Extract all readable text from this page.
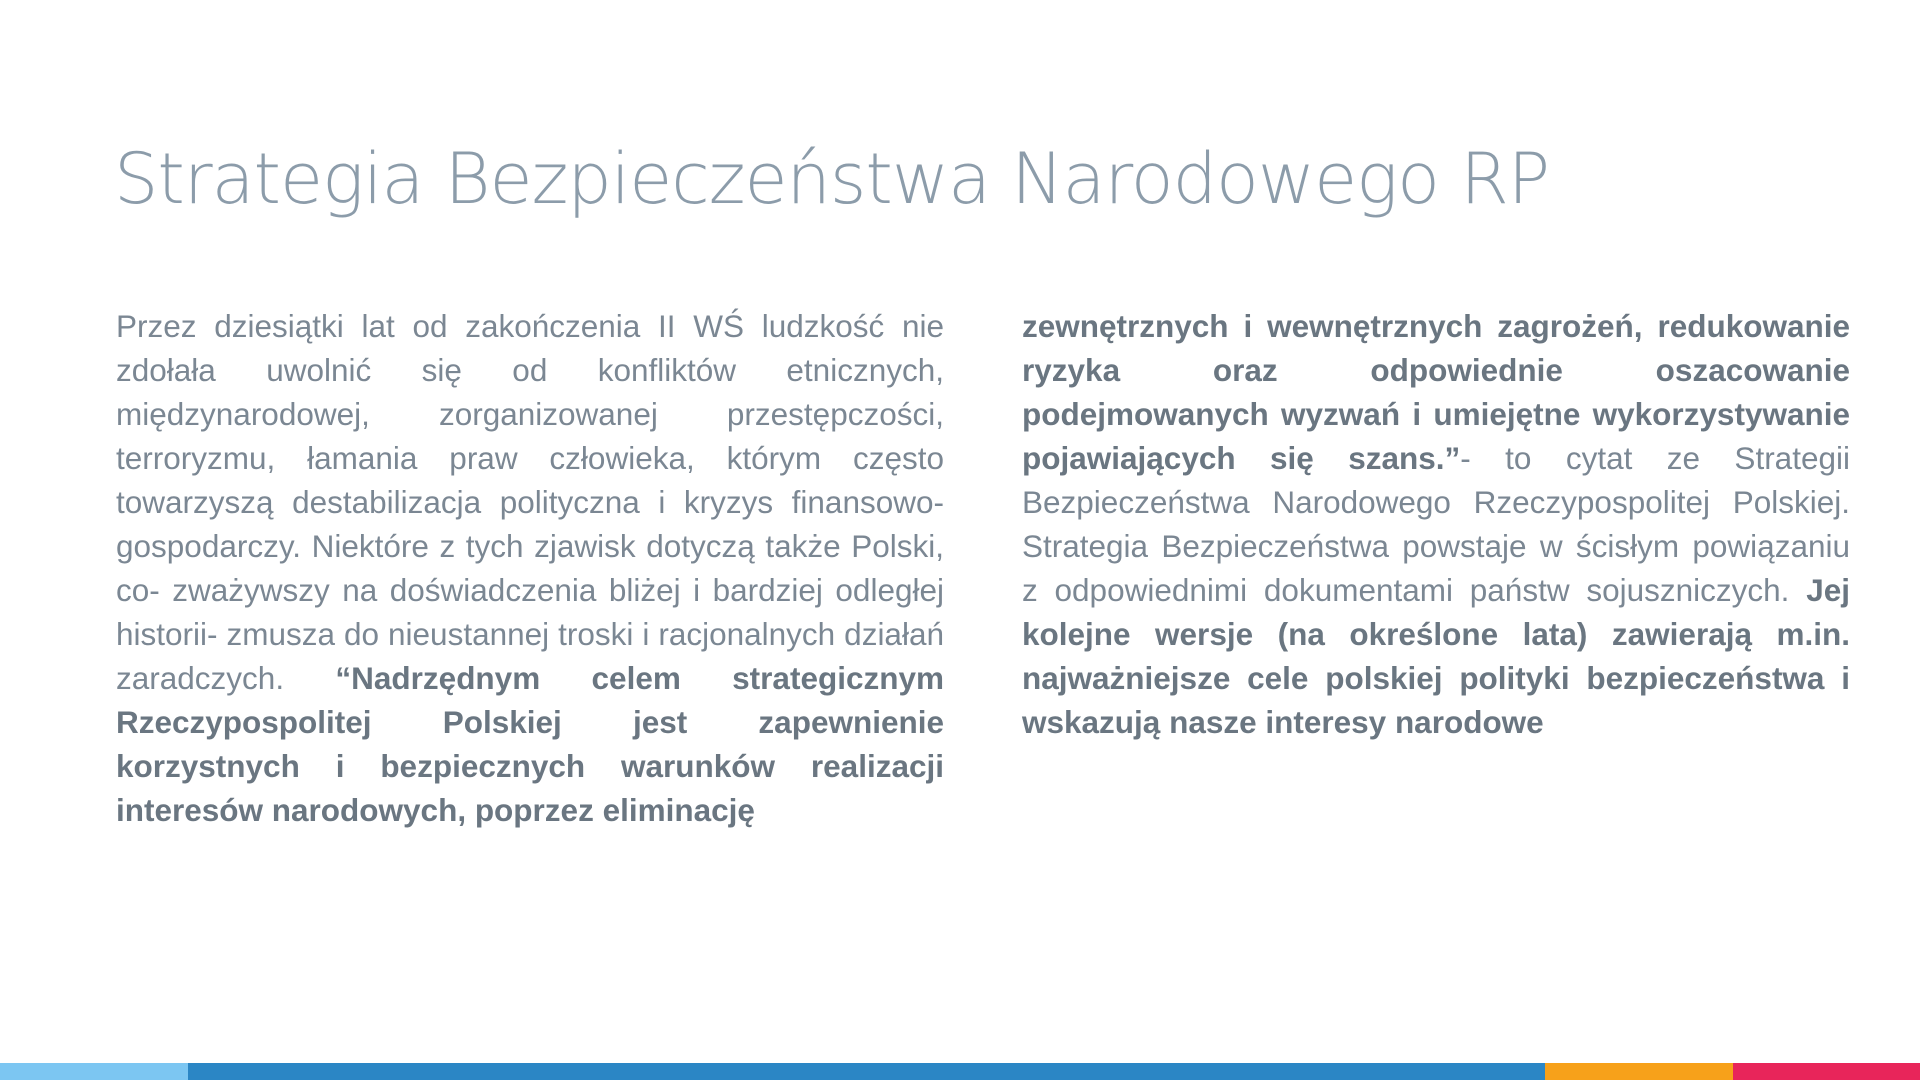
Strategia Bezpieczeństwa Narodowego RP

Przez dziesiątki lat od zakończenia II WŚ ludzkość nie zdołała uwolnić się od konfliktów etnicznych, międzynarodowej, zorganizowanej przestępczości, terroryzmu, łamania praw człowieka, którym często towarzyszą destabilizacja polityczna i kryzys finansowo- gospodarczy. Niektóre z tych zjawisk dotyczą także Polski, co- zważywszy na doświadczenia bliżej i bardziej odległej historii- zmusza do nieustannej troski i racjonalnych działań zaradczych. “Nadrzędnym celem strategicznym Rzeczypospolitej Polskiej jest zapewnienie korzystnych i bezpiecznych warunków realizacji interesów narodowych, poprzez eliminację

zewnętrznych i wewnętrznych zagrożeń, redukowanie ryzyka oraz odpowiednie oszacowanie podejmowanych wyzwań i umiejętne wykorzystywanie pojawiających się szans.”- to cytat ze Strategii Bezpieczeństwa Narodowego Rzeczypospolitej Polskiej. Strategia Bezpieczeństwa powstaje w ścisłym powiązaniu z odpowiednimi dokumentami państw sojuszniczych. Jej kolejne wersje (na określone lata) zawierają m.in. najważniejsze cele polskiej polityki bezpieczeństwa i wskazują nasze interesy narodowe
